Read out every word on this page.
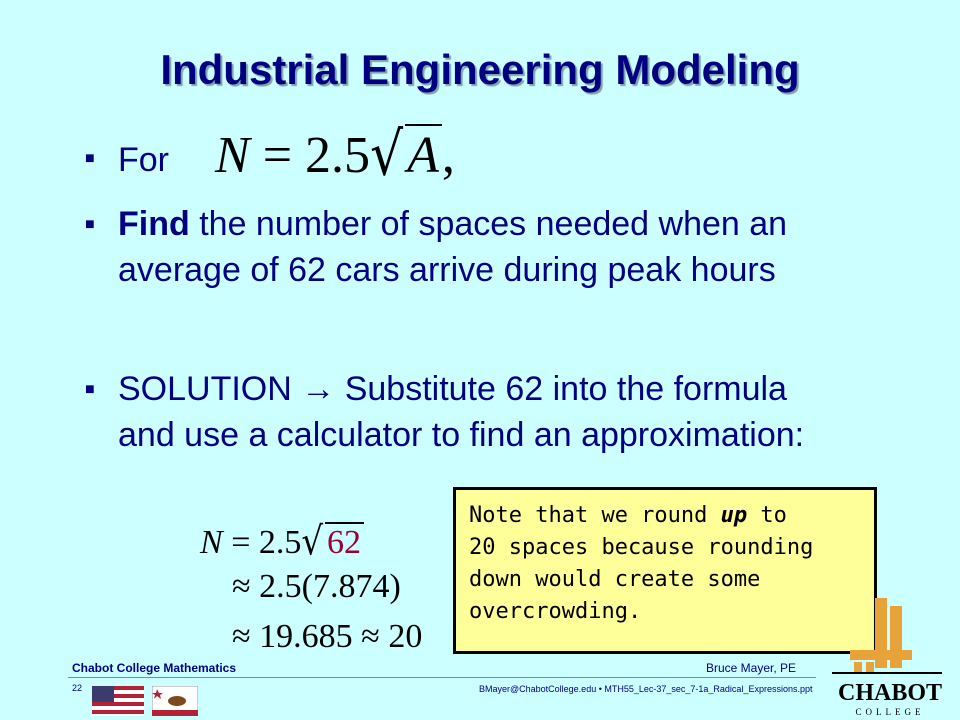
Industrial Engineering Modeling
■ For N = 2.5√A,
■ Find the number of spaces needed when an average of 62 cars arrive during peak hours
■ SOLUTION → Substitute 62 into the formula and use a calculator to find an approximation:
N = 2.5√ 62
≈ 2.5(7.874)
≈ 19.685 ≈ 20
Note that we round up to
20 spaces because rounding
down would create some
overcrowding.
Chabot College Mathematics	Bruce Mayer, PE
22	BMayer@ChabotCollege.edu • MTH55_Lec-37_sec_7-1a_Radical_Expressions.ppt CHABOT
COLLEGE
